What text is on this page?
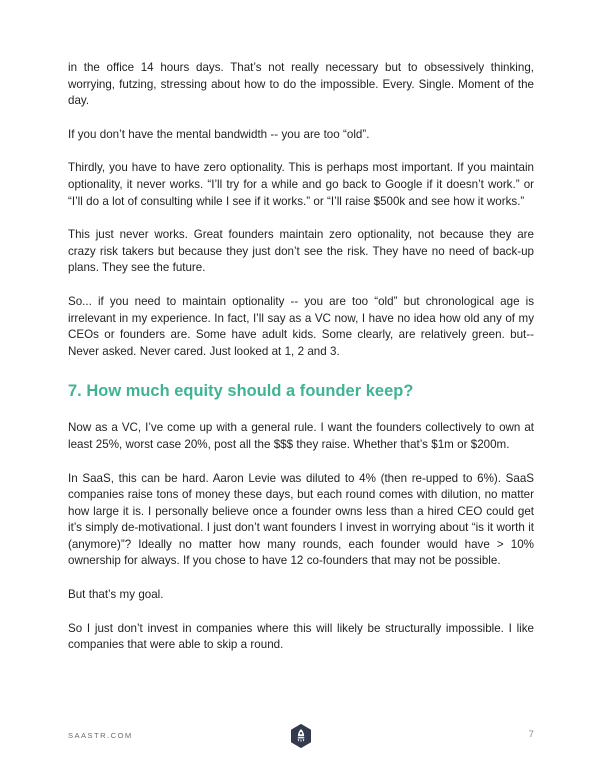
in the office 14 hours days. That’s not really necessary but to obsessively thinking, worrying, futzing, stressing about how to do the impossible. Every. Single. Moment of the day.

If you don’t have the mental bandwidth -- you are too “old”.

Thirdly, you have to have zero optionality. This is perhaps most important. If you maintain optionality, it never works. “I’ll try for a while and go back to Google if it doesn’t work.” or “I’ll do a lot of consulting while I see if it works.” or “I’ll raise $500k and see how it works.”

This just never works. Great founders maintain zero optionality, not because they are crazy risk takers but because they just don’t see the risk. They have no need of back-up plans. They see the future.

So... if you need to maintain optionality -- you are too “old” but chronological age is irrelevant in my experience. In fact, I’ll say as a VC now, I have no idea how old any of my CEOs or founders are. Some have adult kids. Some clearly, are relatively green. but-- Never asked. Never cared. Just looked at 1, 2 and 3.

7. How much equity should a founder keep?

Now as a VC, I’ve come up with a general rule. I want the founders collectively to own at least 25%, worst case 20%, post all the $$$ they raise. Whether that’s $1m or $200m.

In SaaS, this can be hard. Aaron Levie was diluted to 4% (then re-upped to 6%). SaaS companies raise tons of money these days, but each round comes with dilution, no matter how large it is. I personally believe once a founder owns less than a hired CEO could get it’s simply de-motivational. I just don’t want founders I invest in worrying about “is it worth it (anymore)”? Ideally no matter how many rounds, each founder would have > 10% ownership for always. If you chose to have 12 co-founders that may not be possible.

But that’s my goal.

So I just don’t invest in companies where this will likely be structurally impossible. I like companies that were able to skip a round.

SAASTR.COM	7
